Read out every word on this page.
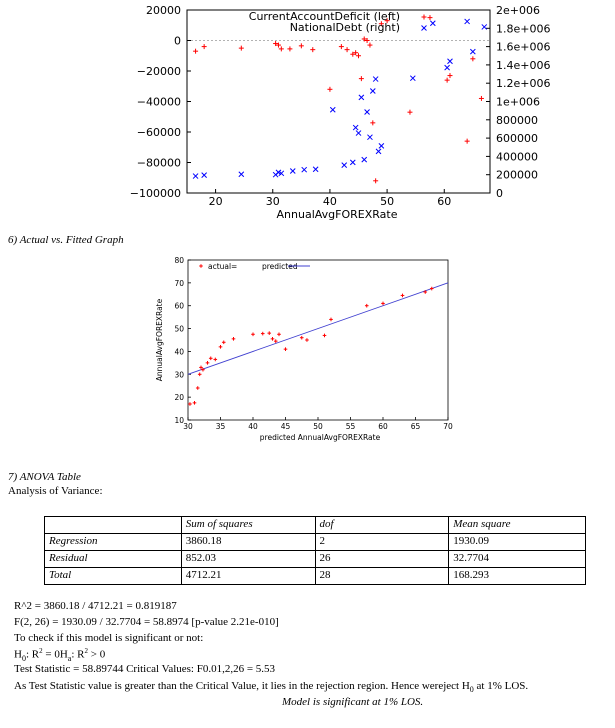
20	30	40	50	60
20000
0
−20000
−40000
−60000
−80000
−100000
2e+006
1.8e+006
1.6e+006
1.4e+006
1.2e+006
1e+006
800000
600000
400000
200000
0
CurrentAccountDeficit (left)
NationalDebt (right)
AnnualAvgFOREXRate
6) Actual vs. Fitted Graph
30	35	40	45	50	55	60	65	70
10
20
30
40
50
60
70
80
actual	predicted
=
predicted AnnualAvgFOREXRate
AnnualAvgFOREXRate
7) ANOVA Table
Analysis of Variance:
	Sum of squares	dof	Mean square
Regression	3860.18	2	1930.09
Residual	852.03	26	32.7704
Total	4712.21	28	168.293
R^2 = 3860.18 / 4712.21 = 0.819187
F(2, 26) = 1930.09 / 32.7704 = 58.8974 [p-value 2.21e-010]
To check if this model is significant or not:
$H_0$: $R^2 = 0H_a$: $R^2 > 0$
Test Statistic = 58.89744 Critical Values: F0.01,2,26 = 5.53
As Test Statistic value is greater than the Critical Value, it lies in the rejection region. Hence wereject $H_0$ at 1% LOS.
Model is significant at 1% LOS.
